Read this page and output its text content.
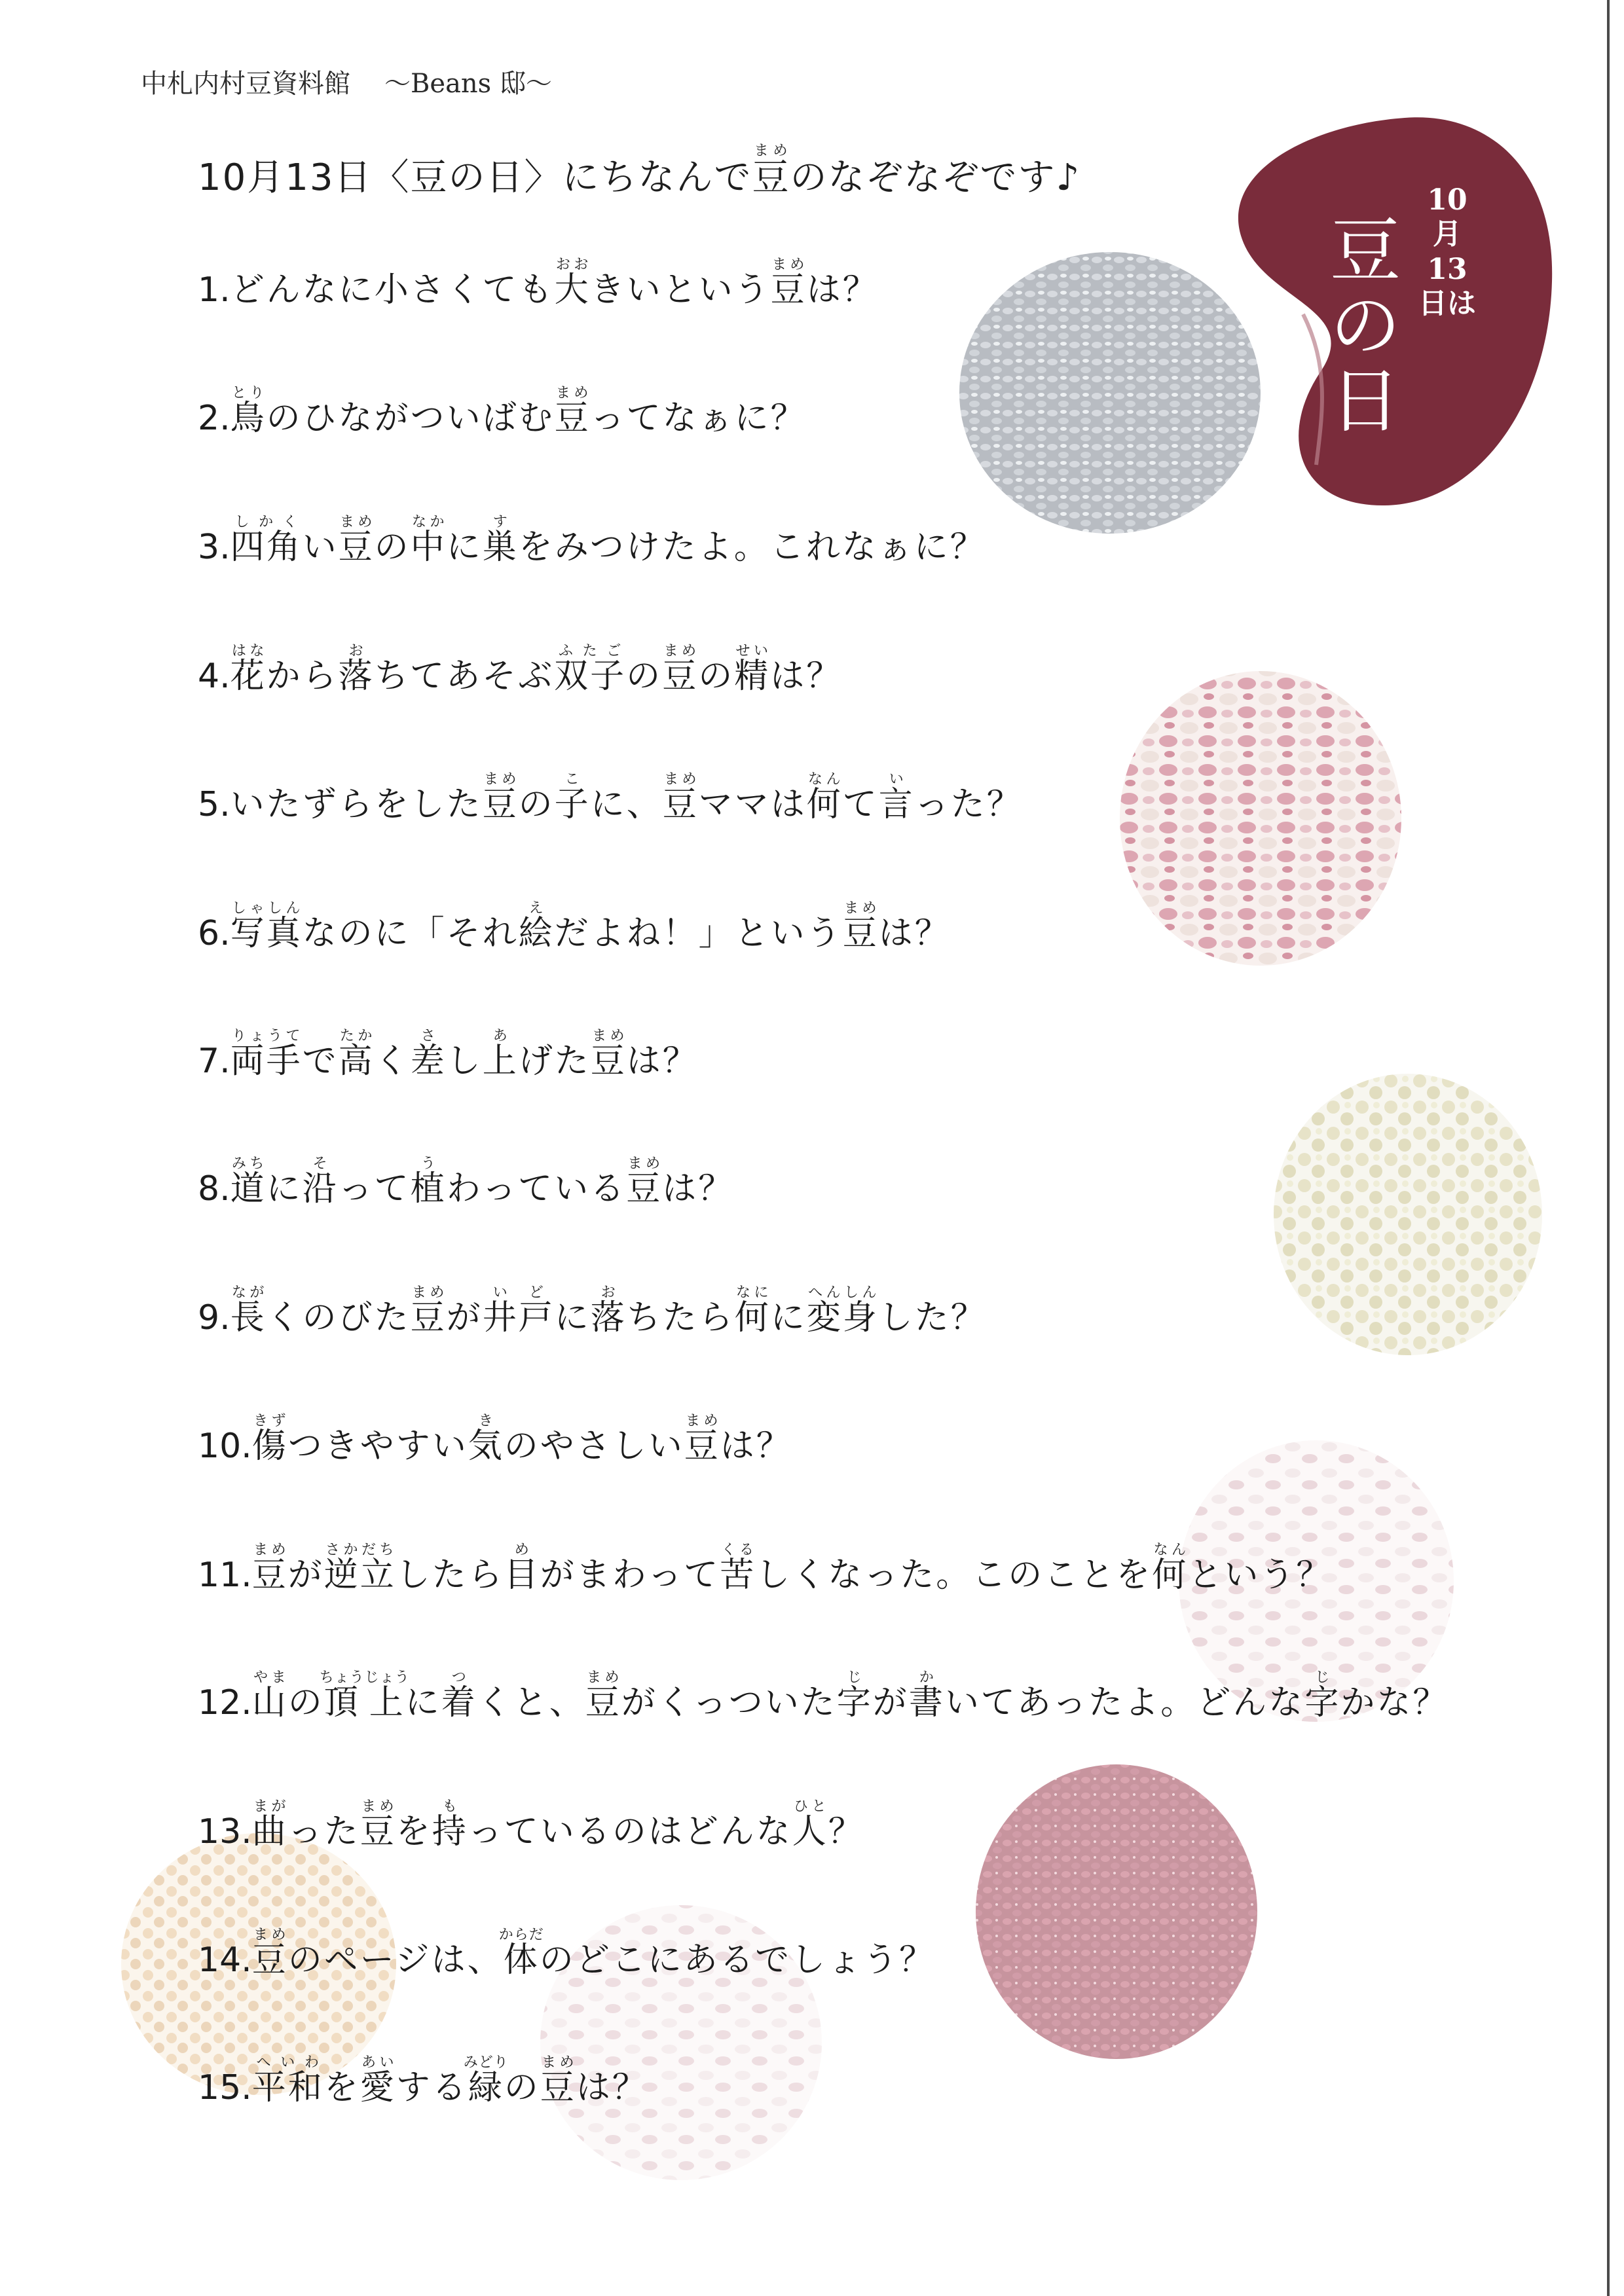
中札内村豆資料館 〜Beans 邸〜
10月13日〈豆の日〉にちなんで豆まめのなぞなぞです♪
10
月
13
日は
豆
の
日
1.どんなに小さくても大おおきいという豆まめは？
2.鳥とりのひながついばむ豆まめってなぁに？
3.四角しかくい豆まめの中なかに巣すをみつけたよ。これなぁに？
4.花はなから落おちてあそぶ双子ふたごの豆まめの精せいは？
5.いたずらをした豆まめの子こに、豆まめママは何なんて言いった？
6.写真しゃしんなのに「それ絵えだよね！」という豆まめは？
7.両手りょうてで高たかく差さし上あげた豆まめは？
8.道みちに沿そって植うわっている豆まめは？
9.長ながくのびた豆まめが井戸いどに落おちたら何なにに変身へんしんした？
10.傷きずつきやすい気きのやさしい豆まめは？
11.豆まめが逆立さかだちしたら目めがまわって苦くるしくなった。このことを何なんという？
12.山やまの頂上ちょうじょうに着つくと、豆まめがくっついた字じが書かいてあったよ。どんな字じかな？
13.曲まがった豆まめを持もっているのはどんな人ひと？
14.豆まめのページは、体からだのどこにあるでしょう？
15.平和へいわを愛あいする緑みどりの豆まめは？
